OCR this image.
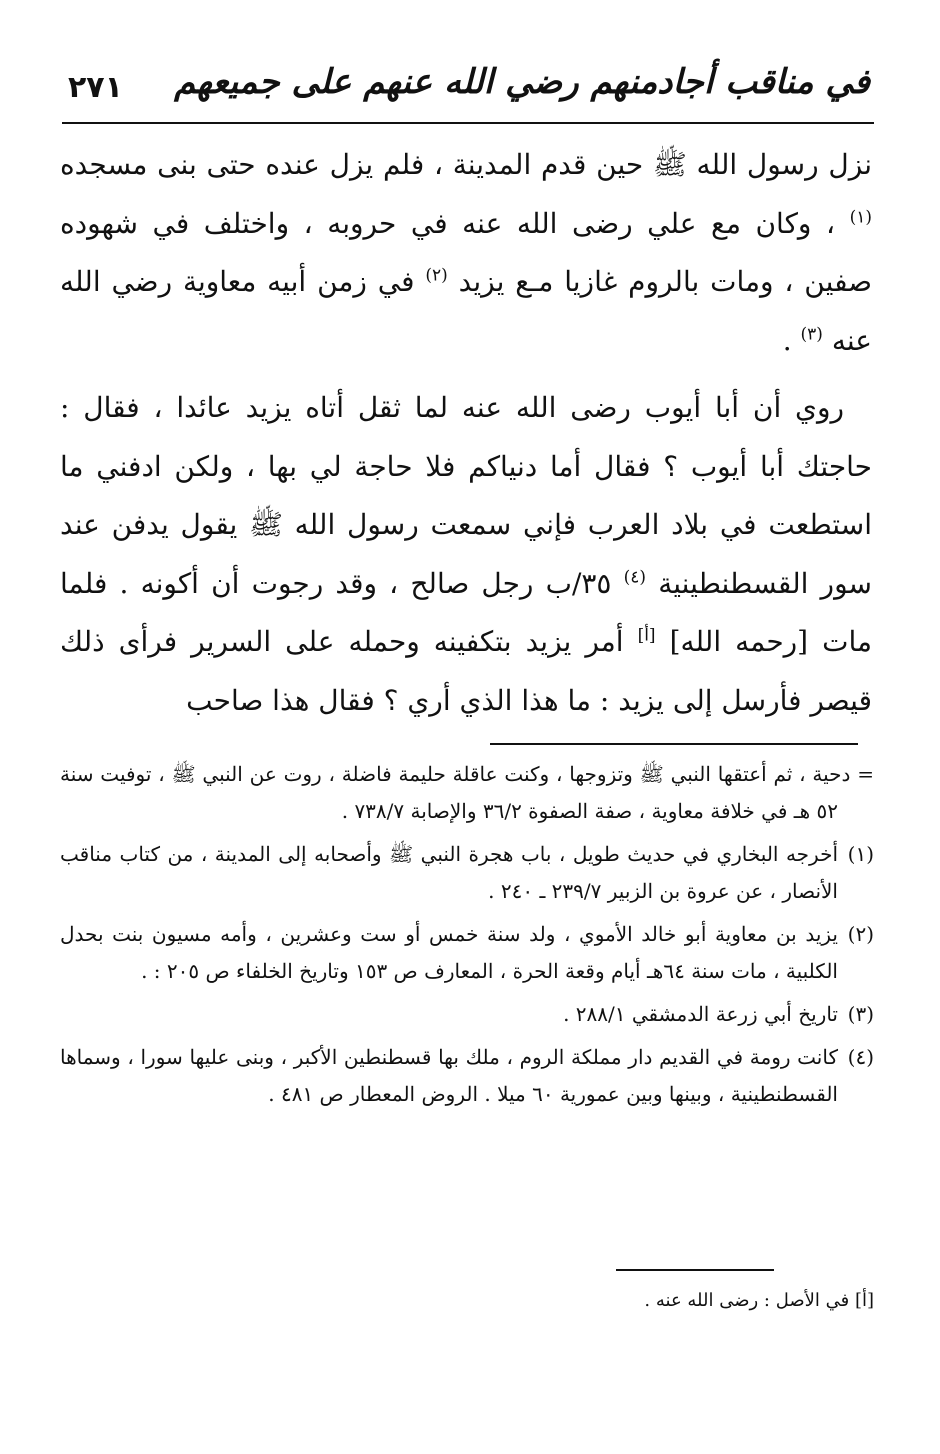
٢٧١ في مناقب أجادمنهم رضي الله عنهم على جميعهم

نزل رسول الله ﷺ حين قدم المدينة ، فلم يزل عنده حتى بنى مسجده $^{(١)}$ ، وكان مع علي رضى الله عنه في حروبه ، واختلف في شهوده صفين ، ومات بالروم غازيا مـع يزيد $^{(٢)}$ في زمن أبيه معاوية رضي الله عنه $^{(٣)}$ .

روي أن أبا أيوب رضى الله عنه لما ثقل أتاه يزيد عائدا ، فقال : حاجتك أبا أيوب ؟ فقال أما دنياكم فلا حاجة لي بها ، ولكن ادفني ما استطعت في بلاد العرب فإني سمعت رسول الله ﷺ يقول يدفن عند سور القسطنطينية $^{(٤)}$ ٣٥/ب رجل صالح ، وقد رجوت أن أكونه . فلما مات [رحمه الله] [أ] أمر يزيد بتكفينه وحمله على السرير فرأى ذلك قيصر فأرسل إلى يزيد : ما هذا الذي أري ؟ فقال هذا صاحب

= دحية ، ثم أعتقها النبي ﷺ وتزوجها ، وكنت عاقلة حليمة فاضلة ، روت عن النبي ﷺ ، توفيت سنة ٥٢ هـ في خلافة معاوية ، صفة الصفوة ٣٦/٢ والإصابة ٧٣٨/٧ .
(١)أخرجه البخاري في حديث طويل ، باب هجرة النبي ﷺ وأصحابه إلى المدينة ، من كتاب مناقب الأنصار ، عن عروة بن الزبير ٢٣٩/٧ ـ ٢٤٠ .
(٢)يزيد بن معاوية أبو خالد الأموي ، ولد سنة خمس أو ست وعشرين ، وأمه مسيون بنت بحدل الكلبية ، مات سنة ٦٤هـ أيام وقعة الحرة ، المعارف ص ١٥٣ وتاريخ الخلفاء ص ٢٠٥ : .
(٣)تاريخ أبي زرعة الدمشقي ٢٨٨/١ .
(٤)كانت رومة في القديم دار مملكة الروم ، ملك بها قسطنطين الأكبر ، وبنى عليها سورا ، وسماها القسطنطينية ، وبينها وبين عمورية ٦٠ ميلا . الروض المعطار ص ٤٨١ .
[أ] في الأصل : رضى الله عنه .
